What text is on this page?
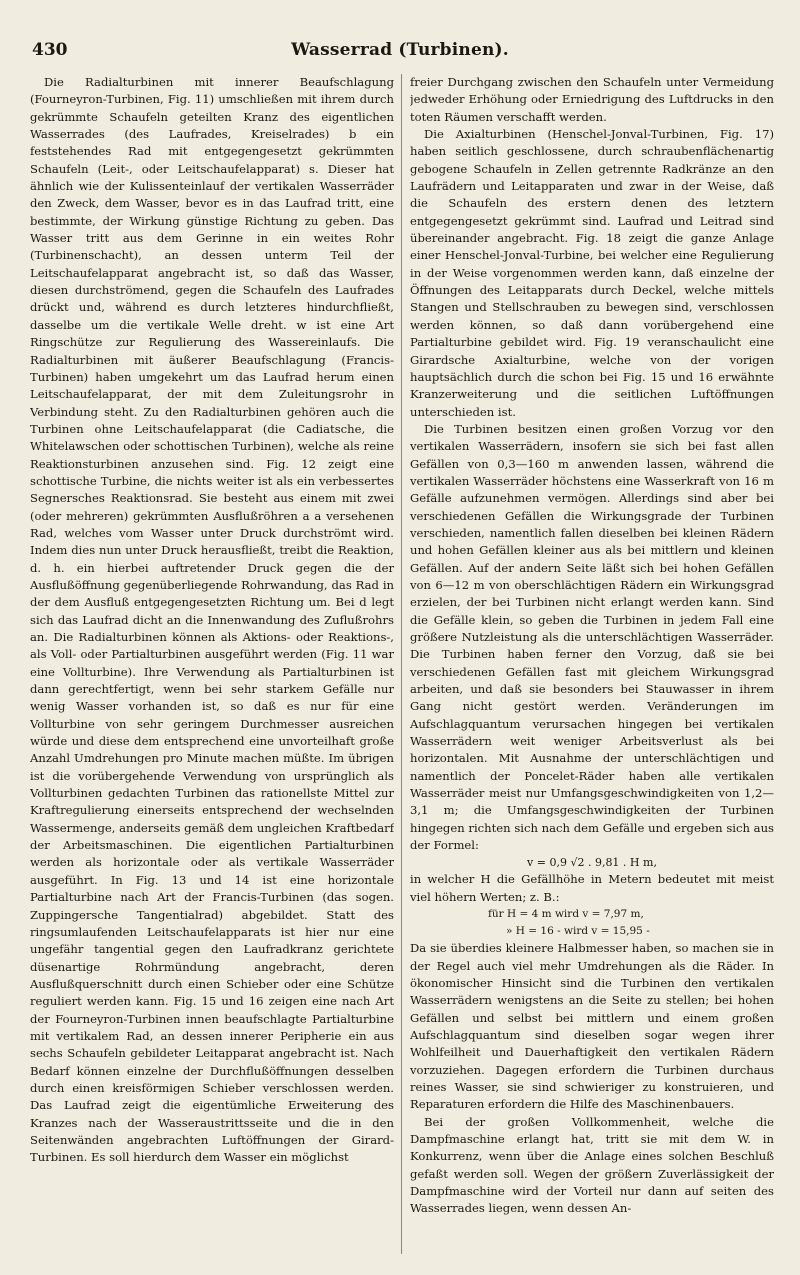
430	Wasserrad (Turbinen).

Die Radialturbinen mit innerer Beaufschlagung (Fourneyron-Turbinen, Fig. 11) umschließen mit ihrem durch gekrümmte Schaufeln geteilten Kranz des eigentlichen Wasserrades (des Laufrades, Kreiselrades) b ein feststehendes Rad mit entgegengesetzt gekrümmten Schaufeln (Leit-, oder Leitschaufelapparat) s. Dieser hat ähnlich wie der Kulissenteinlauf der vertikalen Wasserräder den Zweck, dem Wasser, bevor es in das Laufrad tritt, eine bestimmte, der Wirkung günstige Richtung zu geben. Das Wasser tritt aus dem Gerinne in ein weites Rohr (Turbinenschacht), an dessen unterm Teil der Leitschaufelapparat angebracht ist, so daß das Wasser, diesen durchströmend, gegen die Schaufeln des Laufrades drückt und, während es durch letzteres hindurchfließt, dasselbe um die vertikale Welle dreht. w ist eine Art Ringschütze zur Regulierung des Wassereinlaufs. Die Radialturbinen mit äußerer Beaufschlagung (Francis-Turbinen) haben umgekehrt um das Laufrad herum einen Leitschaufelapparat, der mit dem Zuleitungsrohr in Verbindung steht. Zu den Radialturbinen gehören auch die Turbinen ohne Leitschaufelapparat (die Cadiatsche, die Whitelawschen oder schottischen Turbinen), welche als reine Reaktionsturbinen anzusehen sind. Fig. 12 zeigt eine schottische Turbine, die nichts weiter ist als ein verbessertes Segnersches Reaktionsrad. Sie besteht aus einem mit zwei (oder mehreren) gekrümmten Ausflußröhren a a versehenen Rad, welches vom Wasser unter Druck durchströmt wird. Indem dies nun unter Druck herausfließt, treibt die Reaktion, d. h. ein hierbei auftretender Druck gegen die der Ausflußöffnung gegenüberliegende Rohrwandung, das Rad in der dem Ausfluß entgegengesetzten Richtung um. Bei d legt sich das Laufrad dicht an die Innenwandung des Zuflußrohrs an. Die Radialturbinen können als Aktions- oder Reaktions-, als Voll- oder Partialturbinen ausgeführt werden (Fig. 11 war eine Vollturbine). Ihre Verwendung als Partialturbinen ist dann gerechtfertigt, wenn bei sehr starkem Gefälle nur wenig Wasser vorhanden ist, so daß es nur für eine Vollturbine von sehr geringem Durchmesser ausreichen würde und diese dem entsprechend eine unvorteilhaft große Anzahl Umdrehungen pro Minute machen müßte. Im übrigen ist die vorübergehende Verwendung von ursprünglich als Vollturbinen gedachten Turbinen das rationellste Mittel zur Kraftregulierung einerseits entsprechend der wechselnden Wassermenge, anderseits gemäß dem ungleichen Kraftbedarf der Arbeitsmaschinen. Die eigentlichen Partialturbinen werden als horizontale oder als vertikale Wasserräder ausgeführt. In Fig. 13 und 14 ist eine horizontale Partialturbine nach Art der Francis-Turbinen (das sogen. Zuppingersche Tangentialrad) abgebildet. Statt des ringsumlaufenden Leitschaufelapparats ist hier nur eine ungefähr tangential gegen den Laufradkranz gerichtete düsenartige Rohrmündung angebracht, deren Ausflußquerschnitt durch einen Schieber oder eine Schütze reguliert werden kann. Fig. 15 und 16 zeigen eine nach Art der Fourneyron-Turbinen innen beaufschlagte Partialturbine mit vertikalem Rad, an dessen innerer Peripherie ein aus sechs Schaufeln gebildeter Leitapparat angebracht ist. Nach Bedarf können einzelne der Durchflußöffnungen desselben durch einen kreisförmigen Schieber verschlossen werden. Das Laufrad zeigt die eigentümliche Erweiterung des Kranzes nach der Wasseraustrittsseite und die in den Seitenwänden angebrachten Luftöffnungen der Girard-Turbinen. Es soll hierdurch dem Wasser ein möglichst

freier Durchgang zwischen den Schaufeln unter Vermeidung jedweder Erhöhung oder Erniedrigung des Luftdrucks in den toten Räumen verschafft werden.

Die Axialturbinen (Henschel-Jonval-Turbinen, Fig. 17) haben seitlich geschlossene, durch schraubenflächenartig gebogene Schaufeln in Zellen getrennte Radkränze an den Laufrädern und Leitapparaten und zwar in der Weise, daß die Schaufeln des erstern denen des letztern entgegengesetzt gekrümmt sind. Laufrad und Leitrad sind übereinander angebracht. Fig. 18 zeigt die ganze Anlage einer Henschel-Jonval-Turbine, bei welcher eine Regulierung in der Weise vorgenommen werden kann, daß einzelne der Öffnungen des Leitapparats durch Deckel, welche mittels Stangen und Stellschrauben zu bewegen sind, verschlossen werden können, so daß dann vorübergehend eine Partialturbine gebildet wird. Fig. 19 veranschaulicht eine Girardsche Axialturbine, welche von der vorigen hauptsächlich durch die schon bei Fig. 15 und 16 erwähnte Kranzerweiterung und die seitlichen Luftöffnungen unterschieden ist.

Die Turbinen besitzen einen großen Vorzug vor den vertikalen Wasserrädern, insofern sie sich bei fast allen Gefällen von 0,3—160 m anwenden lassen, während die vertikalen Wasserräder höchstens eine Wasserkraft von 16 m Gefälle aufzunehmen vermögen. Allerdings sind aber bei verschiedenen Gefällen die Wirkungsgrade der Turbinen verschieden, namentlich fallen dieselben bei kleinen Rädern und hohen Gefällen kleiner aus als bei mittlern und kleinen Gefällen. Auf der andern Seite läßt sich bei hohen Gefällen von 6—12 m von oberschlächtigen Rädern ein Wirkungsgrad erzielen, der bei Turbinen nicht erlangt werden kann. Sind die Gefälle klein, so geben die Turbinen in jedem Fall eine größere Nutzleistung als die unterschlächtigen Wasserräder. Die Turbinen haben ferner den Vorzug, daß sie bei verschiedenen Gefällen fast mit gleichem Wirkungsgrad arbeiten, und daß sie besonders bei Stauwasser in ihrem Gang nicht gestört werden. Veränderungen im Aufschlagquantum verursachen hingegen bei vertikalen Wasserrädern weit weniger Arbeitsverlust als bei horizontalen. Mit Ausnahme der unterschlächtigen und namentlich der Poncelet-Räder haben alle vertikalen Wasserräder meist nur Umfangsgeschwindigkeiten von 1,2—3,1 m; die Umfangsgeschwindigkeiten der Turbinen hingegen richten sich nach dem Gefälle und ergeben sich aus der Formel:

v = 0,9 √2 . 9,81 . H m,

in welcher H die Gefällhöhe in Metern bedeutet mit meist viel höhern Werten; z. B.:

für H = 4 m wird v = 7,97 m,
» H = 16 - wird v = 15,95 -

Da sie überdies kleinere Halbmesser haben, so machen sie in der Regel auch viel mehr Umdrehungen als die Räder. In ökonomischer Hinsicht sind die Turbinen den vertikalen Wasserrädern wenigstens an die Seite zu stellen; bei hohen Gefällen und selbst bei mittlern und einem großen Aufschlagquantum sind dieselben sogar wegen ihrer Wohlfeilheit und Dauerhaftigkeit den vertikalen Rädern vorzuziehen. Dagegen erfordern die Turbinen durchaus reines Wasser, sie sind schwieriger zu konstruieren, und Reparaturen erfordern die Hilfe des Maschinenbauers.

Bei der großen Vollkommenheit, welche die Dampfmaschine erlangt hat, tritt sie mit dem W. in Konkurrenz, wenn über die Anlage eines solchen Beschluß gefaßt werden soll. Wegen der größern Zuverlässigkeit der Dampfmaschine wird der Vorteil nur dann auf seiten des Wasserrades liegen, wenn dessen An-
